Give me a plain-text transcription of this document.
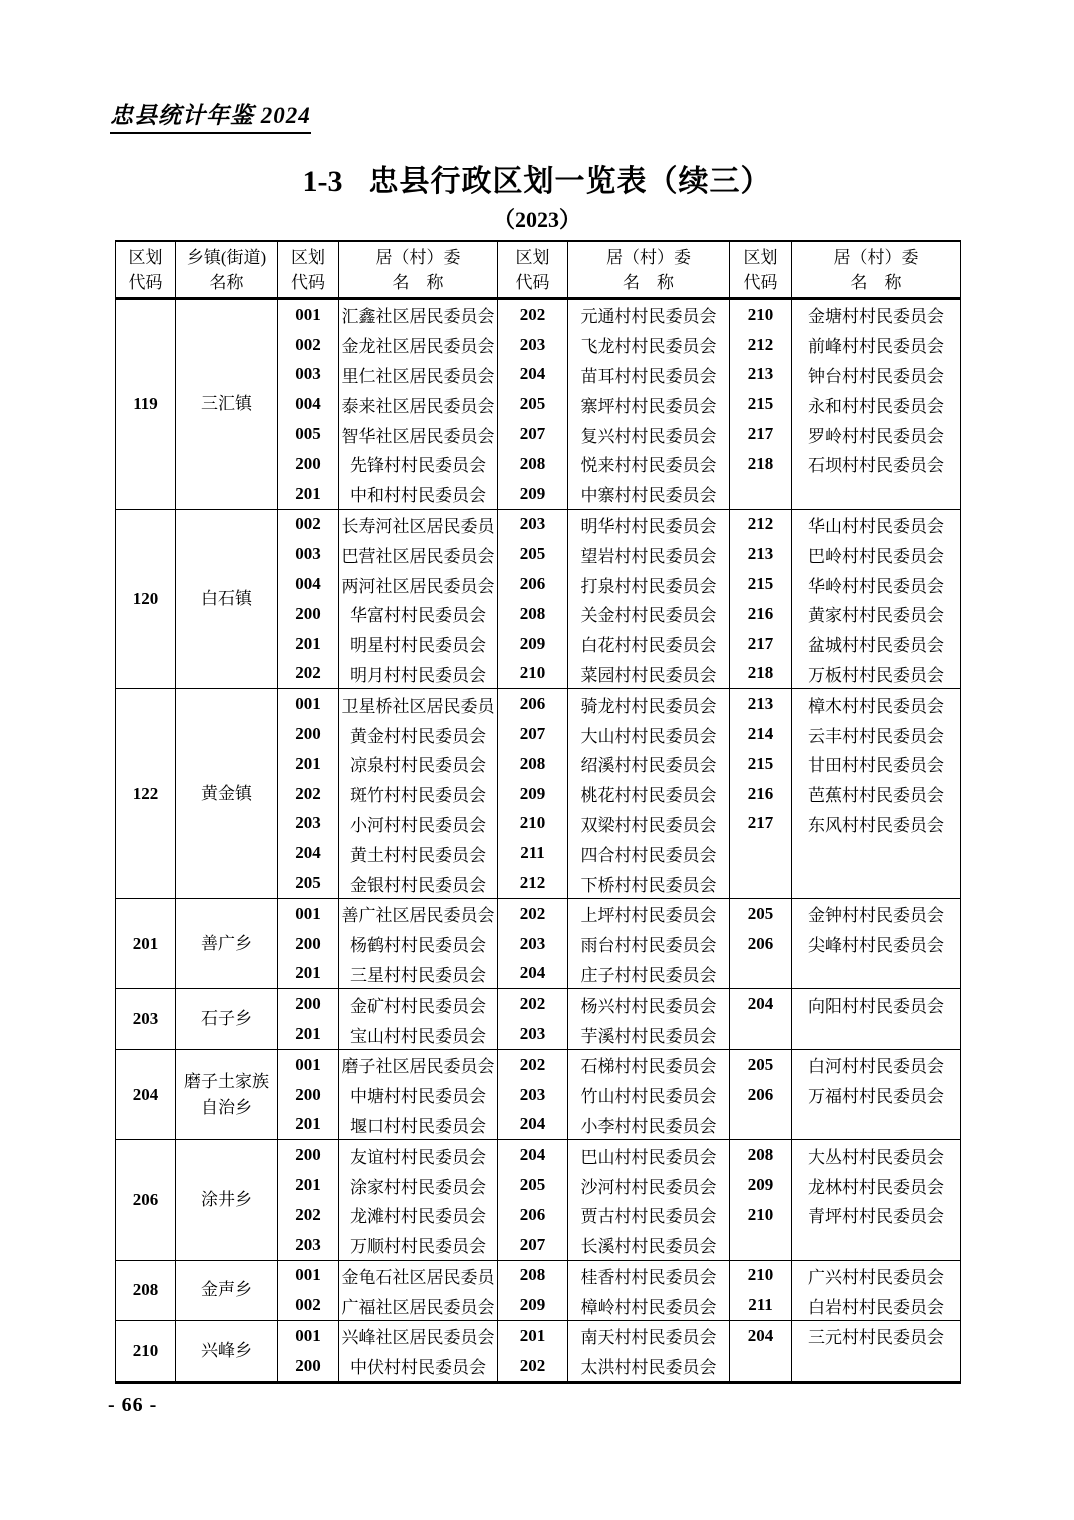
忠县统计年鉴 2024
1-3 忠县行政区划一览表（续三）
（2023）
区划
代码

乡镇(街道)
名称

区划
代码

居（村）委
名　称

区划
代码

居（村）委
名　称

区划
代码

居（村）委
名　称

119	三汇镇	001	汇鑫社区居民委员会	202	元通村村民委员会	210	金塘村村民委员会
		002	金龙社区居民委员会	203	飞龙村村民委员会	212	前峰村村民委员会
		003	里仁社区居民委员会	204	苗耳村村民委员会	213	钟台村村民委员会
		004	泰来社区居民委员会	205	寨坪村村民委员会	215	永和村村民委员会
		005	智华社区居民委员会	207	复兴村村民委员会	217	罗岭村村民委员会
		200	先锋村村民委员会	208	悦来村村民委员会	218	石坝村村民委员会
		201	中和村村民委员会	209	中寨村村民委员会		
120	白石镇	002	长寿河社区居民委员	203	明华村村民委员会	212	华山村村民委员会
		003	巴营社区居民委员会	205	望岩村村民委员会	213	巴岭村村民委员会
		004	两河社区居民委员会	206	打泉村村民委员会	215	华岭村村民委员会
		200	华富村村民委员会	208	关金村村民委员会	216	黄家村村民委员会
		201	明星村村民委员会	209	白花村村民委员会	217	盆城村村民委员会
		202	明月村村民委员会	210	菜园村村民委员会	218	万板村村民委员会
122	黄金镇	001	卫星桥社区居民委员	206	骑龙村村民委员会	213	樟木村村民委员会
		200	黄金村村民委员会	207	大山村村民委员会	214	云丰村村民委员会
		201	凉泉村村民委员会	208	绍溪村村民委员会	215	甘田村村民委员会
		202	斑竹村村民委员会	209	桃花村村民委员会	216	芭蕉村村民委员会
		203	小河村村民委员会	210	双梁村村民委员会	217	东风村村民委员会
		204	黄土村村民委员会	211	四合村村民委员会		
		205	金银村村民委员会	212	下桥村村民委员会		
201	善广乡	001	善广社区居民委员会	202	上坪村村民委员会	205	金钟村村民委员会
		200	杨鹤村村民委员会	203	雨台村村民委员会	206	尖峰村村民委员会
		201	三星村村民委员会	204	庄子村村民委员会		
203	石子乡	200	金矿村村民委员会	202	杨兴村村民委员会	204	向阳村村民委员会
		201	宝山村村民委员会	203	芋溪村村民委员会		
204	磨子土家族
自治乡	001	磨子社区居民委员会	202	石梯村村民委员会	205	白河村村民委员会
		200	中塘村村民委员会	203	竹山村村民委员会	206	万福村村民委员会
		201	堰口村村民委员会	204	小李村村民委员会		
206	涂井乡	200	友谊村村民委员会	204	巴山村村民委员会	208	大丛村村民委员会
		201	涂家村村民委员会	205	沙河村村民委员会	209	龙林村村民委员会
		202	龙滩村村民委员会	206	贾古村村民委员会	210	青坪村村民委员会
		203	万顺村村民委员会	207	长溪村村民委员会		
208	金声乡	001	金龟石社区居民委员	208	桂香村村民委员会	210	广兴村村民委员会
		002	广福社区居民委员会	209	樟岭村村民委员会	211	白岩村村民委员会
210	兴峰乡	001	兴峰社区居民委员会	201	南天村村民委员会	204	三元村村民委员会
		200	中伏村村民委员会	202	太洪村村民委员会		
- 66 -
